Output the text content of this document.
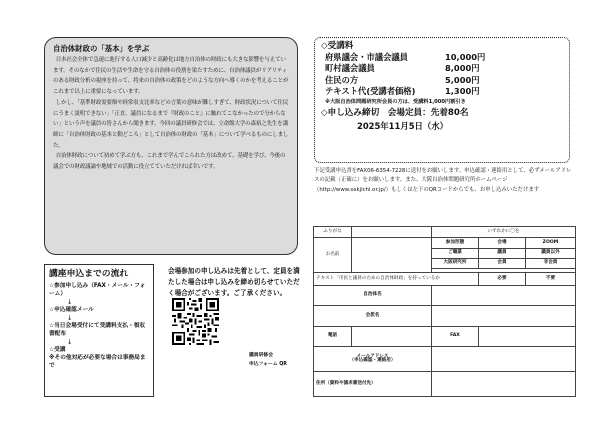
自治体財政の「基本」を学ぶ

日本社会全体で急速に進行する人口減少と高齢化は地方自治体の財政にも大きな影響を与えています。そのなかで住民の生活や生命を守る自治体の役割を果たすために、自治体議員がリアリティのある財政分析の視座を持って、将来の自治体の政策をどのような方向へ導くのかを考えることがこれまで以上に重要になっています。

しかし、「基準財政需要額や経常収支比率などの言葉の意味が難しすぎて、財政状況について住民にうまく説明できない」「正直、議員になるまで『財政のこと』に触れてこなかったので分からない」という声を議員の皆さんから聞きます。今回の議員研修会では、立命館大学の森裕之先生を講師に「自治体財政の基本と動どころ」として自治体の財政の「基本」について学べるものにしました。

自治体財政について初めて学ぶ方も、これまで学んでこられた方は改めて、基礎を学び、今後の議会での財政議論や地域での活動に役立てていただければ幸いです。

◇受講料
府県議会・市議会議員	10,000円
町村議会議員	8,000円
住民の方	5,000円
テキスト代(受講者価格)	1,300円
※大阪自治体問題研究所会員の方は、受講料1,000円割引き
◇申し込み締切　会場定員：先着80名
2025年11月5日（水）
下記受講申込書をFAX06-6354-7228に送付をお願いします。申込確認・連絡用として、必ずメールアドレスの記載（正確に）をお願いします。また、大阪自治体問題研究所ホームページ（http://www.oskjichi.or.jp/）もしくは左下のQRコードからでも、お申し込みいただけます
講座申込までの流れ
☆参加申し込み（FAX・メール・フォーム）
↓
☆申込確認メール
↓
☆当日会場受付にて受講料支払・領収書配布
↓
☆受講
※その他対応が必要な場合は事務局まで
会場参加の申し込みは先着として、定員を満たした場合は申し込みを締め切らせていただく場合がございます。ご了承ください。
議員研修会
申込フォーム QR
ふりがな		いずれかに〇を		
お名前		参加形態	会場	ZOOM
		ご職業	議員	議員以外
		大阪研究所	会員	非会員

テキスト「市民と議員のための自治体財政」を持っているか			必要	不要
自治体名				
会派名				
電話		FAX		

メールアドレス
（申込確認・連絡用）				

住所（資料や請求書送付先）				
